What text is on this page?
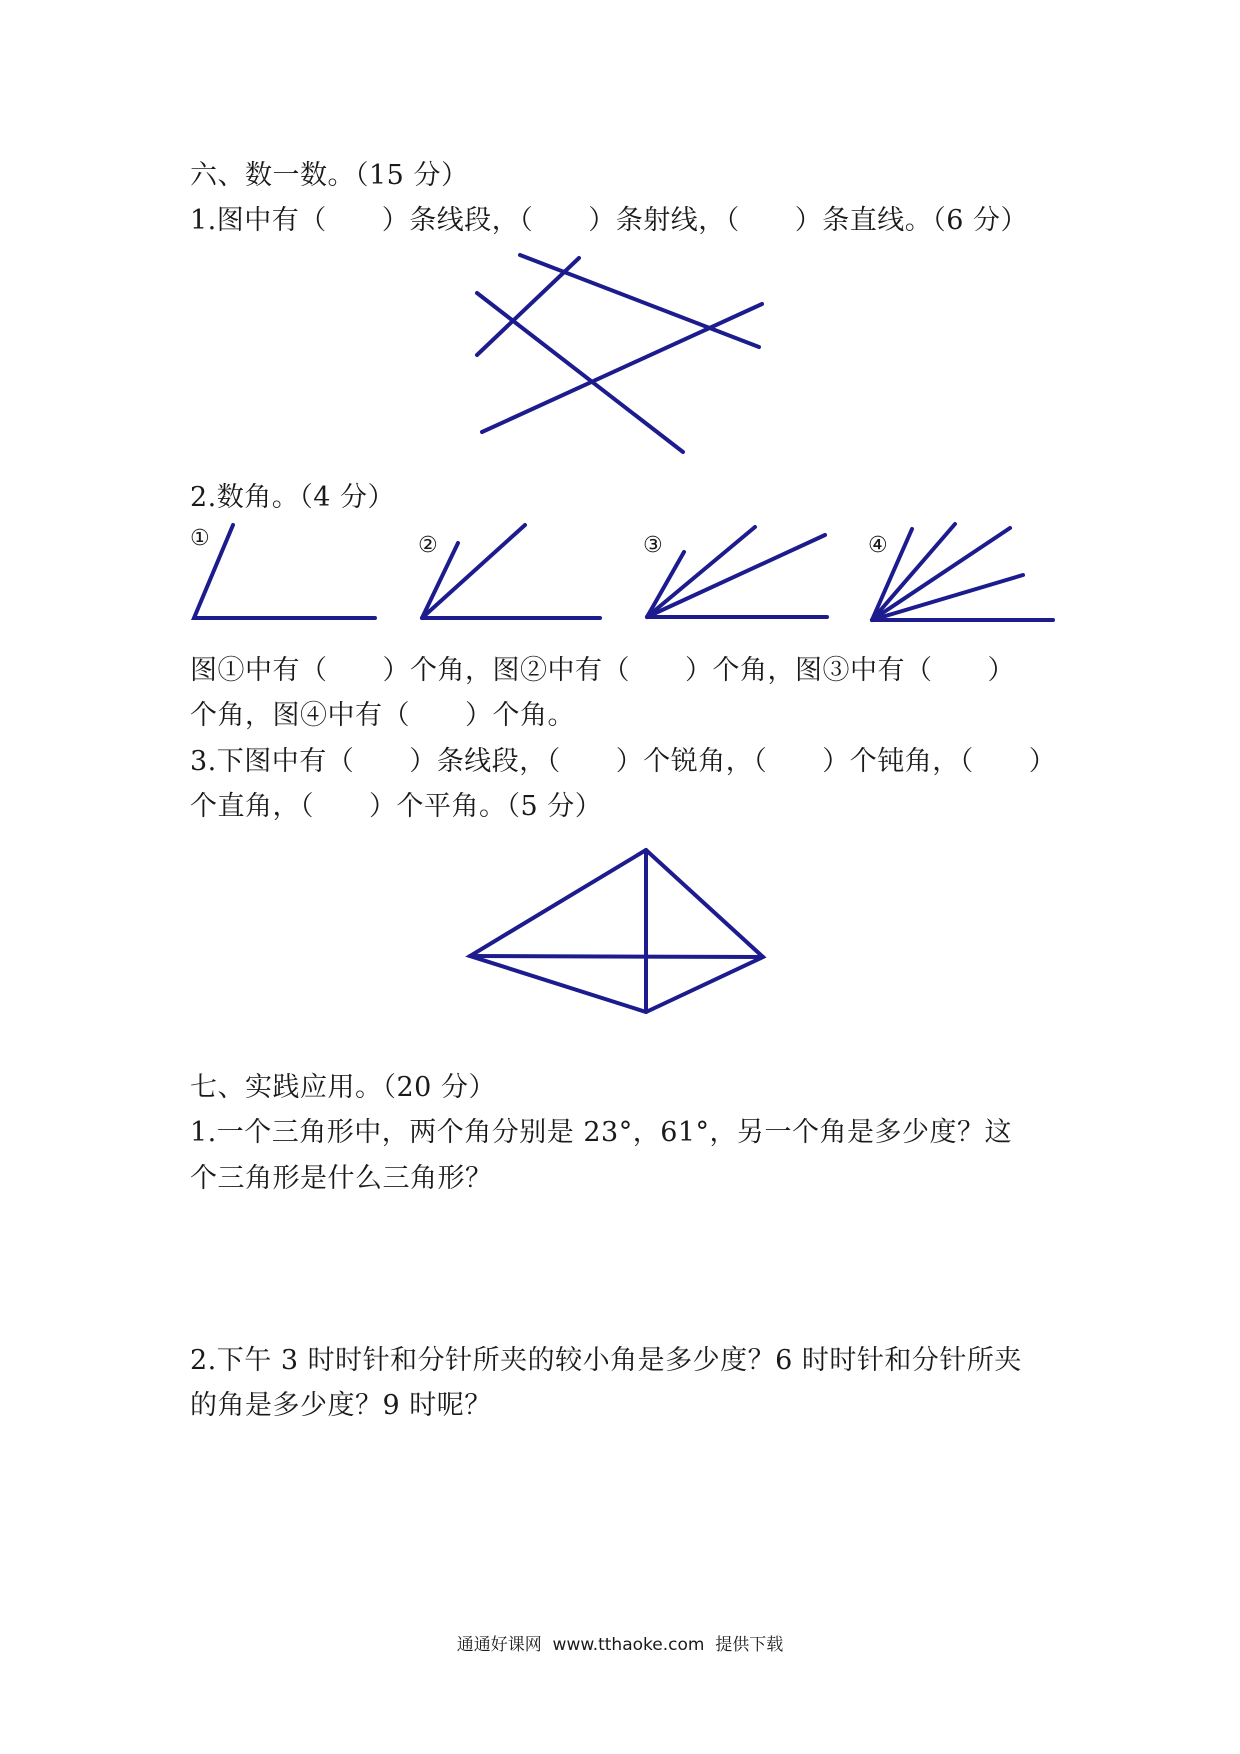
六、数一数。（15 分）
1.图中有（　　）条线段，（　　）条射线，（　　）条直线。（6 分）
2.数角。（4 分）
①	②	③	④
图①中有（　　）个角，图②中有（　　）个角，图③中有（　　）
个角，图④中有（　　）个角。
3.下图中有（　　）条线段，（　　）个锐角，（　　）个钝角，（　　）
个直角，（　　）个平角。（5 分）
七、实践应用。（20 分）
1.一个三角形中，两个角分别是 23°，61°，另一个角是多少度？这
个三角形是什么三角形？
2.下午 3 时时针和分针所夹的较小角是多少度？6 时时针和分针所夹
的角是多少度？9 时呢？
通通好课网  www.tthaoke.com  提供下载
